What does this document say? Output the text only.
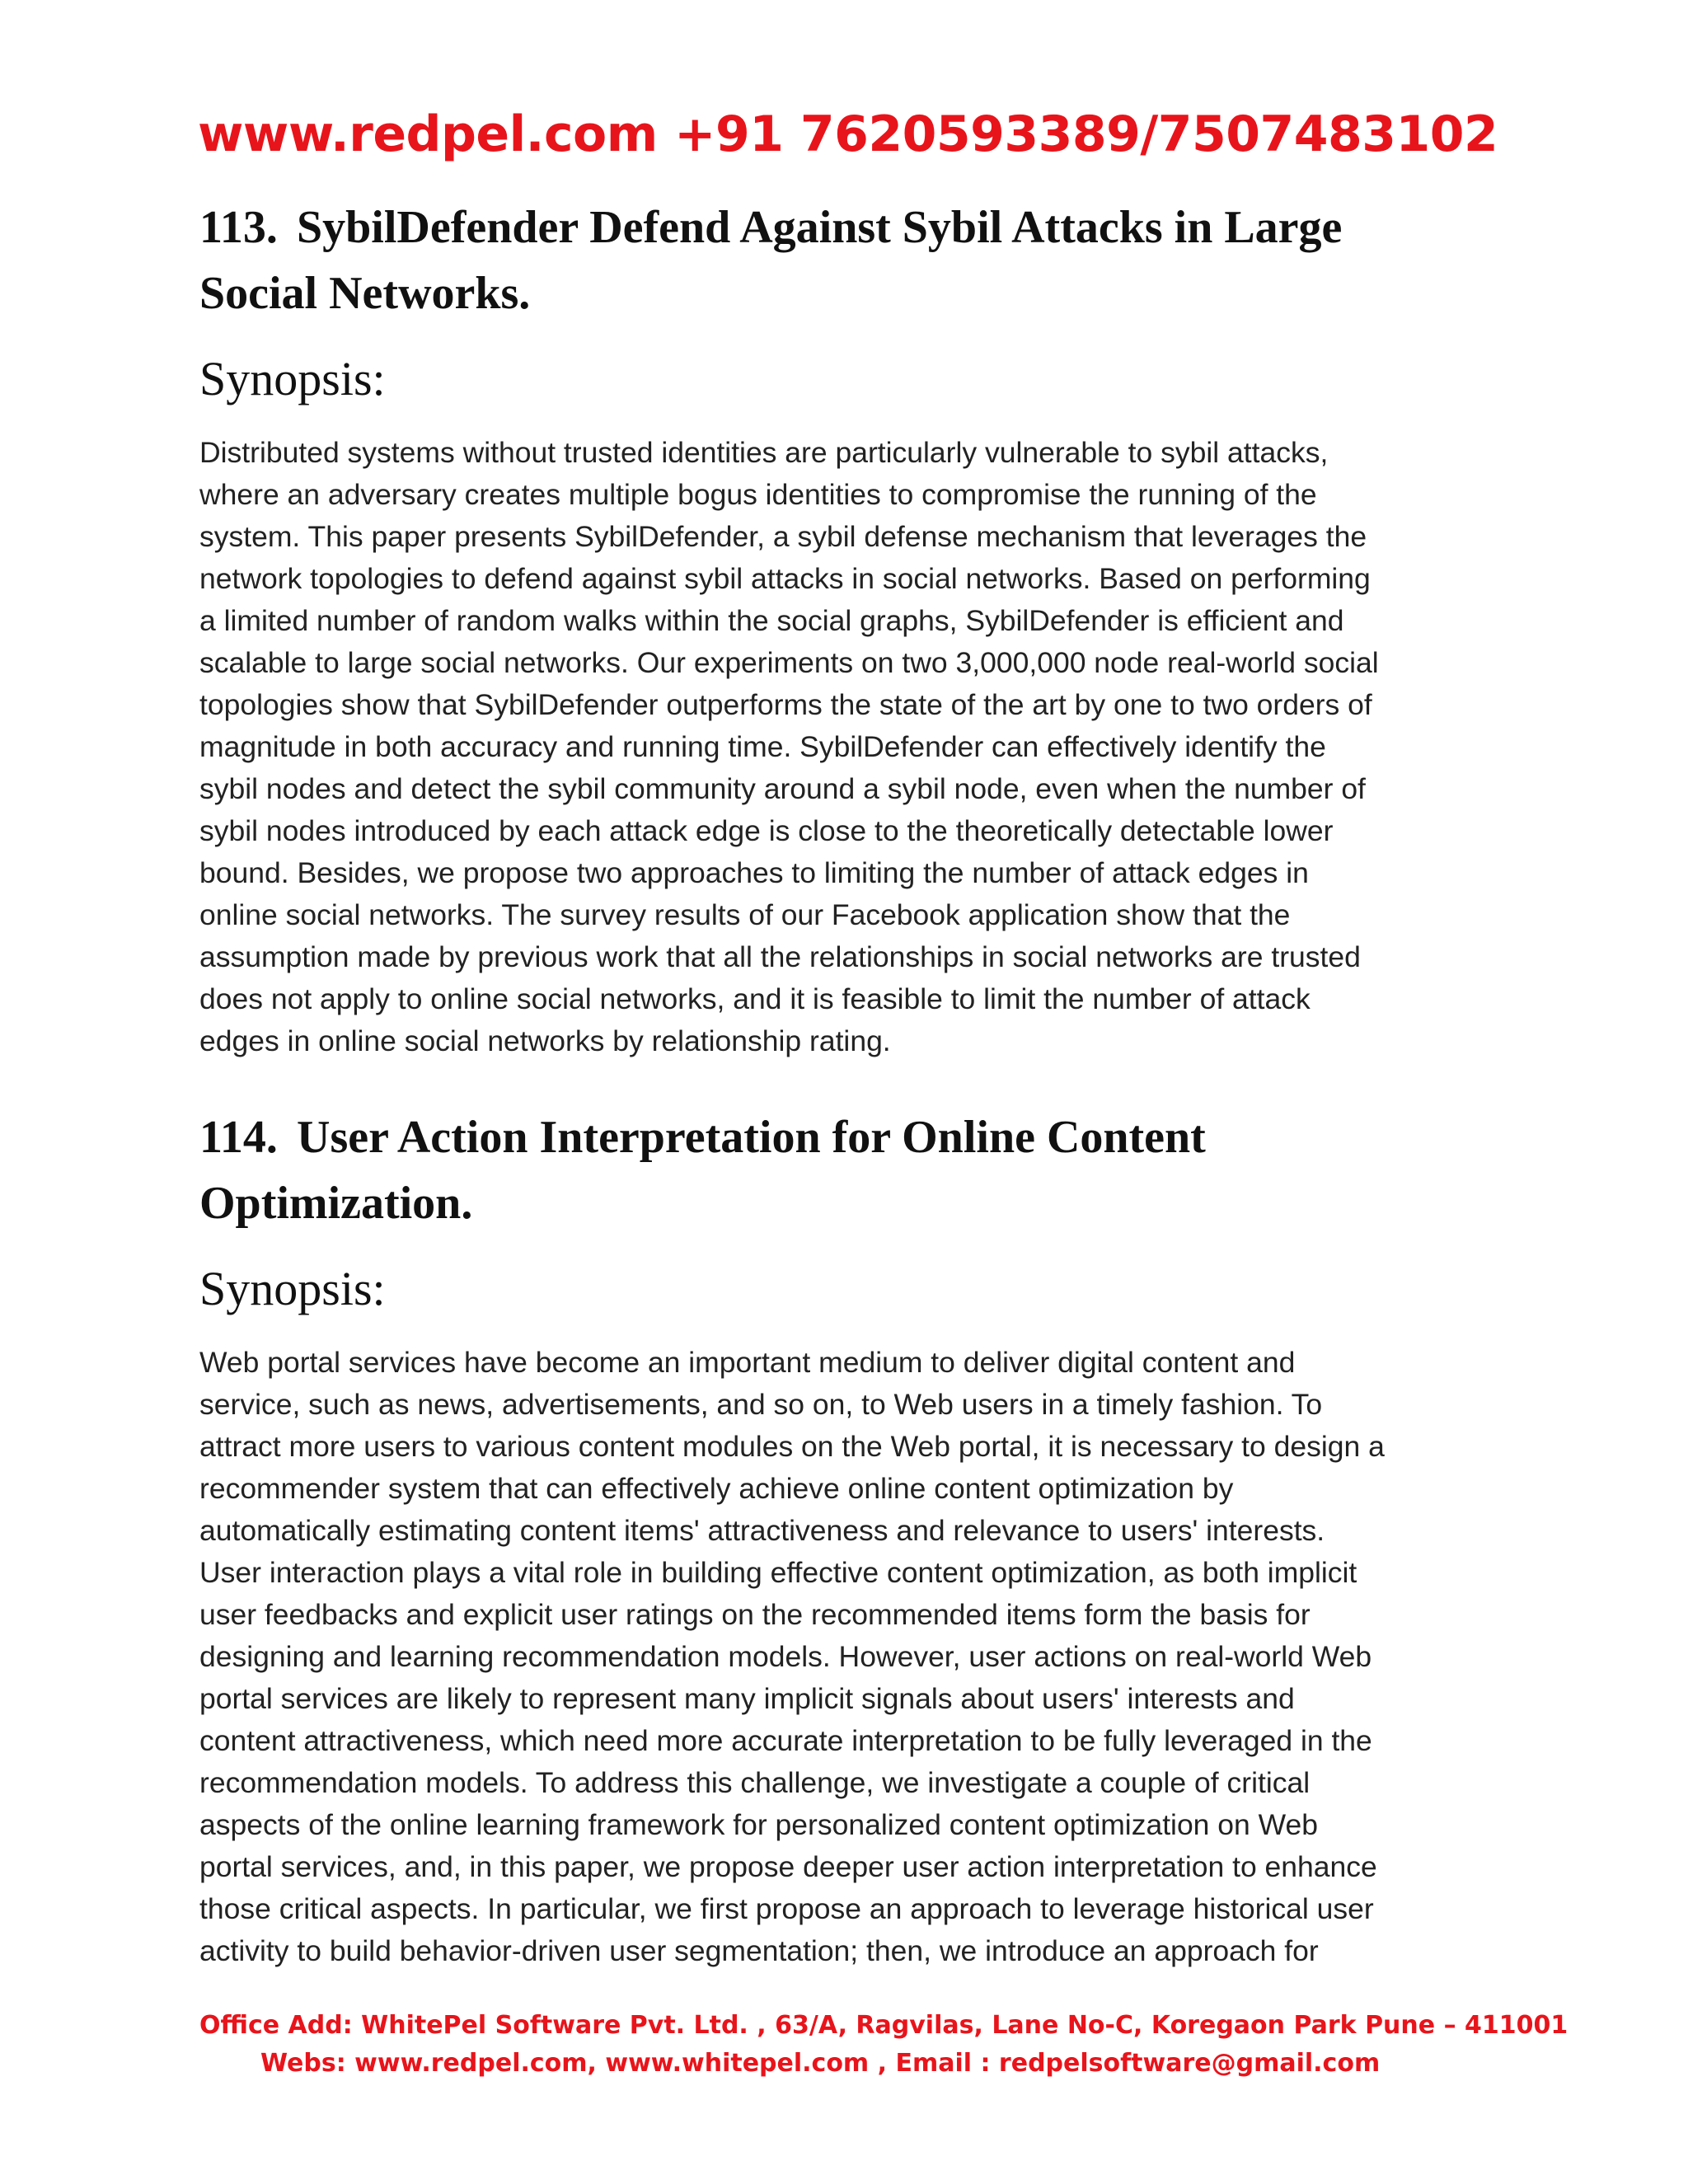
www.redpel.com +91 7620593389/7507483102
113. SybilDefender Defend Against Sybil Attacks in Large
Social Networks.
Synopsis:
Distributed systems without trusted identities are particularly vulnerable to sybil attacks,
where an adversary creates multiple bogus identities to compromise the running of the
system. This paper presents SybilDefender, a sybil defense mechanism that leverages the
network topologies to defend against sybil attacks in social networks. Based on performing
a limited number of random walks within the social graphs, SybilDefender is efficient and
scalable to large social networks. Our experiments on two 3,000,000 node real-world social
topologies show that SybilDefender outperforms the state of the art by one to two orders of
magnitude in both accuracy and running time. SybilDefender can effectively identify the
sybil nodes and detect the sybil community around a sybil node, even when the number of
sybil nodes introduced by each attack edge is close to the theoretically detectable lower
bound. Besides, we propose two approaches to limiting the number of attack edges in
online social networks. The survey results of our Facebook application show that the
assumption made by previous work that all the relationships in social networks are trusted
does not apply to online social networks, and it is feasible to limit the number of attack
edges in online social networks by relationship rating.
114. User Action Interpretation for Online Content
Optimization.
Synopsis:
Web portal services have become an important medium to deliver digital content and
service, such as news, advertisements, and so on, to Web users in a timely fashion. To
attract more users to various content modules on the Web portal, it is necessary to design a
recommender system that can effectively achieve online content optimization by
automatically estimating content items' attractiveness and relevance to users' interests.
User interaction plays a vital role in building effective content optimization, as both implicit
user feedbacks and explicit user ratings on the recommended items form the basis for
designing and learning recommendation models. However, user actions on real-world Web
portal services are likely to represent many implicit signals about users' interests and
content attractiveness, which need more accurate interpretation to be fully leveraged in the
recommendation models. To address this challenge, we investigate a couple of critical
aspects of the online learning framework for personalized content optimization on Web
portal services, and, in this paper, we propose deeper user action interpretation to enhance
those critical aspects. In particular, we first propose an approach to leverage historical user
activity to build behavior-driven user segmentation; then, we introduce an approach for
Office Add: WhitePel Software Pvt. Ltd. , 63/A, Ragvilas, Lane No-C, Koregaon Park Pune – 411001
Webs: www.redpel.com, www.whitepel.com , Email : redpelsoftware@gmail.com
